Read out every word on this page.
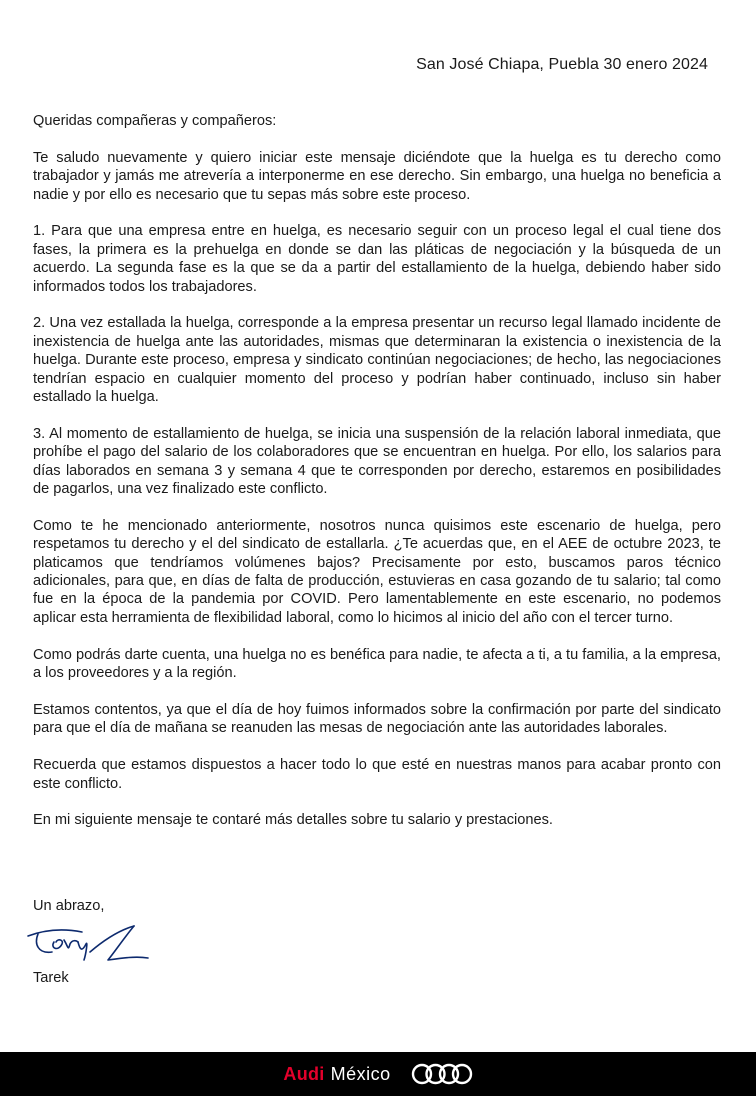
San José Chiapa, Puebla 30 enero 2024

Queridas compañeras y compañeros:

Te saludo nuevamente y quiero iniciar este mensaje diciéndote que la huelga es tu derecho como trabajador y jamás me atrevería a interponerme en ese derecho. Sin embargo, una huelga no beneficia a nadie y por ello es necesario que tu sepas más sobre este proceso.

1. Para que una empresa entre en huelga, es necesario seguir con un proceso legal el cual tiene dos fases, la primera es la prehuelga en donde se dan las pláticas de negociación y la búsqueda de un acuerdo. La segunda fase es la que se da a partir del estallamiento de la huelga, debiendo haber sido informados todos los trabajadores.

2. Una vez estallada la huelga, corresponde a la empresa presentar un recurso legal llamado incidente de inexistencia de huelga ante las autoridades, mismas que determinaran la existencia o inexistencia de la huelga. Durante este proceso, empresa y sindicato continúan negociaciones; de hecho, las negociaciones tendrían espacio en cualquier momento del proceso y podrían haber continuado, incluso sin haber estallado la huelga.

3. Al momento de estallamiento de huelga, se inicia una suspensión de la relación laboral inmediata, que prohíbe el pago del salario de los colaboradores que se encuentran en huelga. Por ello, los salarios para días laborados en semana 3 y semana 4 que te corresponden por derecho, estaremos en posibilidades de pagarlos, una vez finalizado este conflicto.

Como te he mencionado anteriormente, nosotros nunca quisimos este escenario de huelga, pero respetamos tu derecho y el del sindicato de estallarla. ¿Te acuerdas que, en el AEE de octubre 2023, te platicamos que tendríamos volúmenes bajos? Precisamente por esto, buscamos paros técnico adicionales, para que, en días de falta de producción, estuvieras en casa gozando de tu salario; tal como fue en la época de la pandemia por COVID. Pero lamentablemente en este escenario, no podemos aplicar esta herramienta de flexibilidad laboral, como lo hicimos al inicio del año con el tercer turno.

Como podrás darte cuenta, una huelga no es benéfica para nadie, te afecta a ti, a tu familia, a la empresa, a los proveedores y a la región.

Estamos contentos, ya que el día de hoy fuimos informados sobre la confirmación por parte del sindicato para que el día de mañana se reanuden las mesas de negociación ante las autoridades laborales.

Recuerda que estamos dispuestos a hacer todo lo que esté en nuestras manos para acabar pronto con este conflicto.

En mi siguiente mensaje te contaré más detalles sobre tu salario y prestaciones.

Un abrazo,
Tarek
Audi México
